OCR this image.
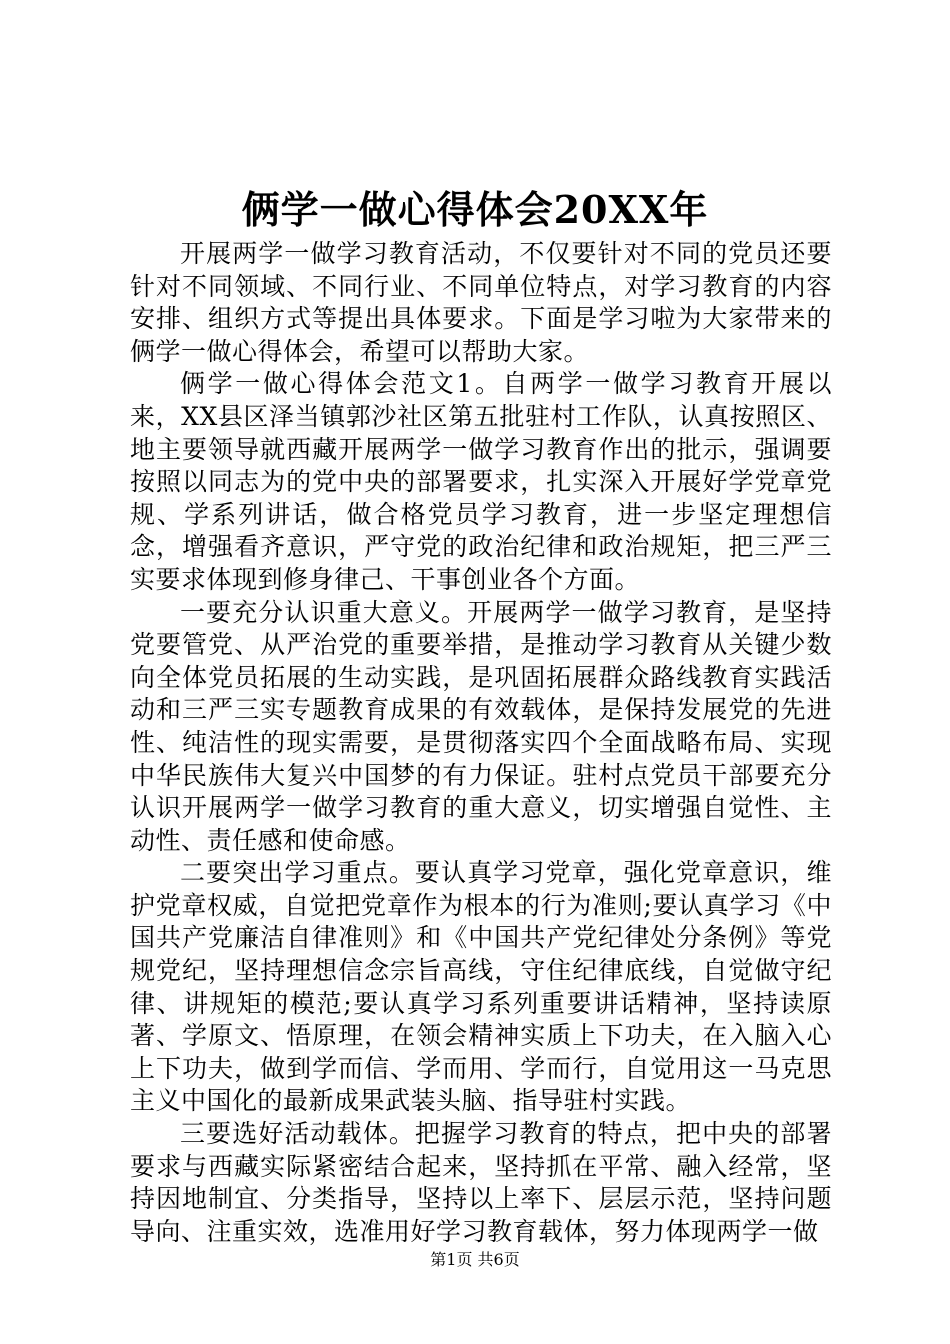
俩学一做心得体会20XX年

开展两学一做学习教育活动，不仅要针对不同的党员还要针对不同领域、不同行业、不同单位特点，对学习教育的内容安排、组织方式等提出具体要求。下面是学习啦为大家带来的俩学一做心得体会，希望可以帮助大家。

俩学一做心得体会范文1。自两学一做学习教育开展以来，XX县区泽当镇郭沙社区第五批驻村工作队，认真按照区、地主要领导就西藏开展两学一做学习教育作出的批示，强调要按照以同志为的党中央的部署要求，扎实深入开展好学党章党规、学系列讲话，做合格党员学习教育，进一步坚定理想信念，增强看齐意识，严守党的政治纪律和政治规矩，把三严三实要求体现到修身律己、干事创业各个方面。

一要充分认识重大意义。开展两学一做学习教育，是坚持党要管党、从严治党的重要举措，是推动学习教育从关键少数向全体党员拓展的生动实践，是巩固拓展群众路线教育实践活动和三严三实专题教育成果的有效载体，是保持发展党的先进性、纯洁性的现实需要，是贯彻落实四个全面战略布局、实现中华民族伟大复兴中国梦的有力保证。驻村点党员干部要充分认识开展两学一做学习教育的重大意义，切实增强自觉性、主动性、责任感和使命感。

二要突出学习重点。要认真学习党章，强化党章意识，维护党章权威，自觉把党章作为根本的行为准则;要认真学习《中国共产党廉洁自律准则》和《中国共产党纪律处分条例》等党规党纪，坚持理想信念宗旨高线，守住纪律底线，自觉做守纪律、讲规矩的模范;要认真学习系列重要讲话精神，坚持读原著、学原文、悟原理，在领会精神实质上下功夫，在入脑入心上下功夫，做到学而信、学而用、学而行，自觉用这一马克思主义中国化的最新成果武装头脑、指导驻村实践。

三要选好活动载体。把握学习教育的特点，把中央的部署要求与西藏实际紧密结合起来，坚持抓在平常、融入经常，坚持因地制宜、分类指导，坚持以上率下、层层示范，坚持问题导向、注重实效，选准用好学习教育载体，努力体现两学一做

第1页 共6页
